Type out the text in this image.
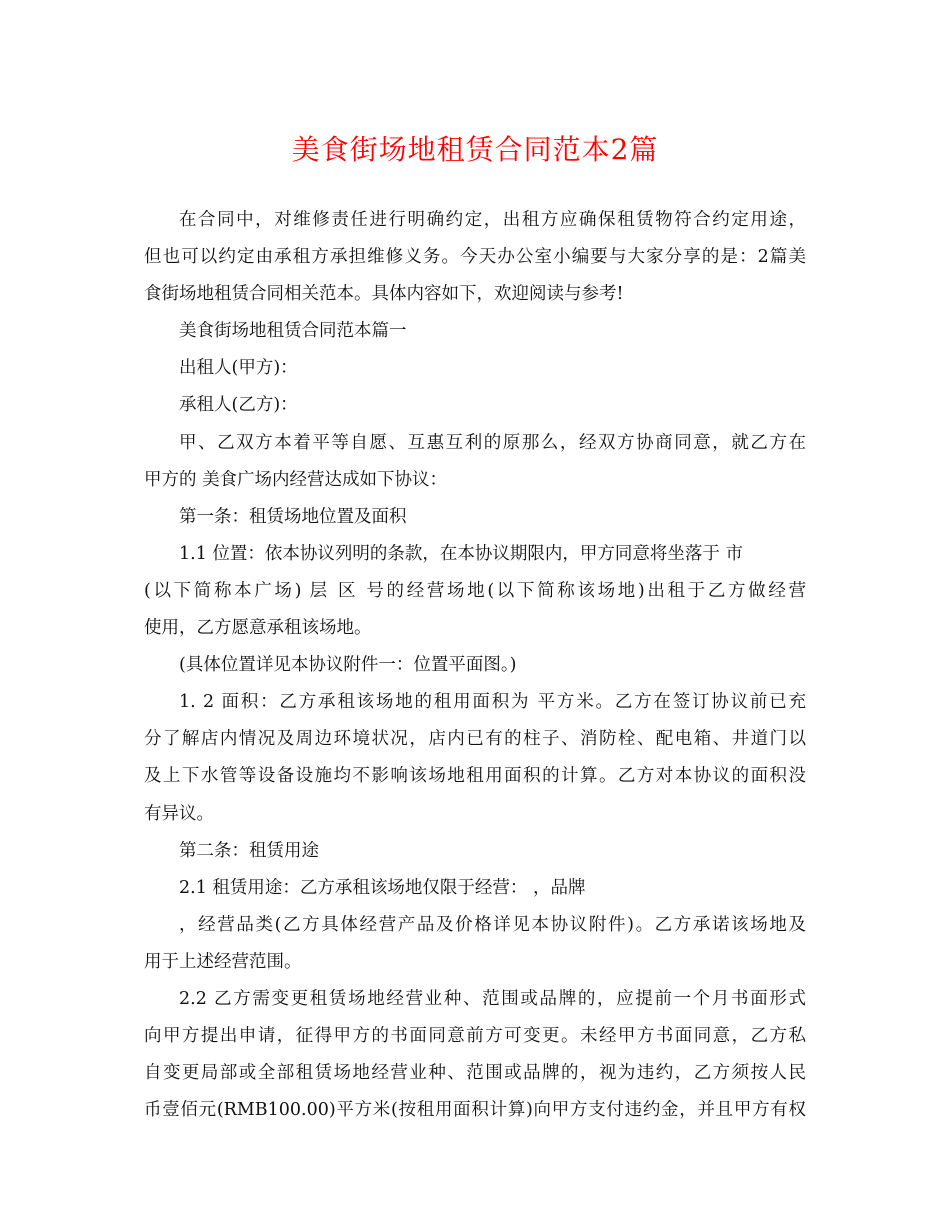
美食街场地租赁合同范本2篇
在合同中，对维修责任进行明确约定，出租方应确保租赁物符合约定用途，
但也可以约定由承租方承担维修义务。今天办公室小编要与大家分享的是：2篇美
食街场地租赁合同相关范本。具体内容如下，欢迎阅读与参考!
美食街场地租赁合同范本篇一
出租人(甲方)：
承租人(乙方)：
甲、乙双方本着平等自愿、互惠互利的原那么，经双方协商同意，就乙方在
甲方的 美食广场内经营达成如下协议：
第一条：租赁场地位置及面积
1.1 位置：依本协议列明的条款，在本协议期限内，甲方同意将坐落于 市
(以下简称本广场) 层 区 号的经营场地(以下简称该场地)出租于乙方做经营
使用，乙方愿意承租该场地。
(具体位置详见本协议附件一：位置平面图。)
1. 2 面积：乙方承租该场地的租用面积为 平方米。乙方在签订协议前已充
分了解店内情况及周边环境状况，店内已有的柱子、消防栓、配电箱、井道门以
及上下水管等设备设施均不影响该场地租用面积的计算。乙方对本协议的面积没
有异议。
第二条：租赁用途
2.1 租赁用途：乙方承租该场地仅限于经营： ，品牌
，经营品类(乙方具体经营产品及价格详见本协议附件)。乙方承诺该场地及
用于上述经营范围。
2.2 乙方需变更租赁场地经营业种、范围或品牌的，应提前一个月书面形式
向甲方提出申请，征得甲方的书面同意前方可变更。未经甲方书面同意，乙方私
自变更局部或全部租赁场地经营业种、范围或品牌的，视为违约，乙方须按人民
币壹佰元(RMB100.00)平方米(按租用面积计算)向甲方支付违约金，并且甲方有权
